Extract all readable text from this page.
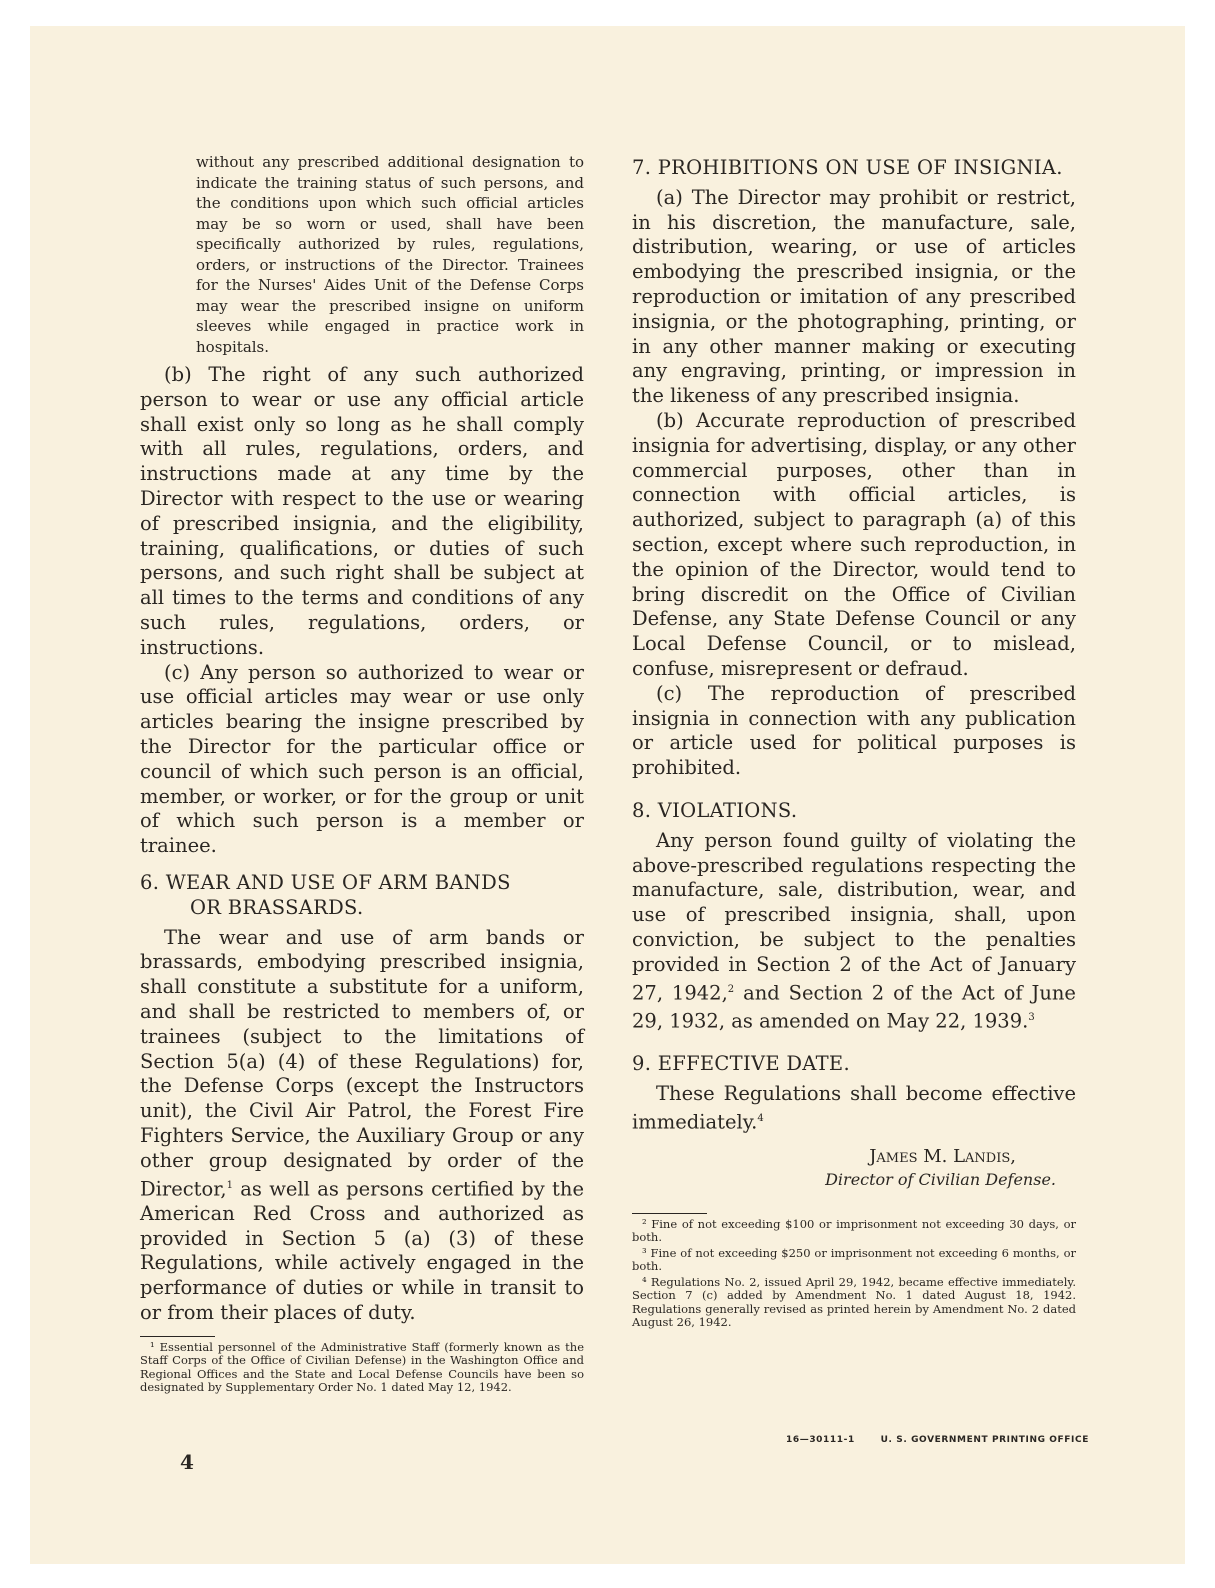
without any prescribed additional designation to indicate the training status of such persons, and the conditions upon which such official articles may be so worn or used, shall have been specifically authorized by rules, regulations, orders, or instructions of the Director. Trainees for the Nurses' Aides Unit of the Defense Corps may wear the prescribed insigne on uniform sleeves while engaged in practice work in hospitals.

(b) The right of any such authorized person to wear or use any official article shall exist only so long as he shall comply with all rules, regulations, orders, and instructions made at any time by the Director with respect to the use or wearing of prescribed insignia, and the eligibility, training, qualifications, or duties of such persons, and such right shall be subject at all times to the terms and conditions of any such rules, regulations, orders, or instructions.

(c) Any person so authorized to wear or use official articles may wear or use only articles bearing the insigne prescribed by the Director for the particular office or council of which such person is an official, member, or worker, or for the group or unit of which such person is a member or trainee.

6. WEAR AND USE OF ARM BANDS
OR BRASSARDS.

The wear and use of arm bands or brassards, embodying prescribed insignia, shall constitute a substitute for a uniform, and shall be restricted to members of, or trainees (subject to the limitations of Section 5(a) (4) of these Regulations) for, the Defense Corps (except the Instructors unit), the Civil Air Patrol, the Forest Fire Fighters Service, the Auxiliary Group or any other group designated by order of the Director,$^1$ as well as persons certified by the American Red Cross and authorized as provided in Section 5 (a) (3) of these Regulations, while actively engaged in the performance of duties or while in transit to or from their places of duty.

¹ Essential personnel of the Administrative Staff (formerly known as the Staff Corps of the Office of Civilian Defense) in the Washington Office and Regional Offices and the State and Local Defense Councils have been so designated by Supplementary Order No. 1 dated May 12, 1942.

7. PROHIBITIONS ON USE OF INSIGNIA.

(a) The Director may prohibit or restrict, in his discretion, the manufacture, sale, distribution, wearing, or use of articles embodying the prescribed insignia, or the reproduction or imitation of any prescribed insignia, or the photographing, printing, or in any other manner making or executing any engraving, printing, or impression in the likeness of any prescribed insignia.

(b) Accurate reproduction of prescribed insignia for advertising, display, or any other commercial purposes, other than in connection with official articles, is authorized, subject to paragraph (a) of this section, except where such reproduction, in the opinion of the Director, would tend to bring discredit on the Office of Civilian Defense, any State Defense Council or any Local Defense Council, or to mislead, confuse, misrepresent or defraud.

(c) The reproduction of prescribed insignia in connection with any publication or article used for political purposes is prohibited.

8. VIOLATIONS.

Any person found guilty of violating the above-prescribed regulations respecting the manufacture, sale, distribution, wear, and use of prescribed insignia, shall, upon conviction, be subject to the penalties provided in Section 2 of the Act of January 27, 1942,$^2$ and Section 2 of the Act of June 29, 1932, as amended on May 22, 1939.$^3$

9. EFFECTIVE DATE.

These Regulations shall become effective immediately.$^4$

James M. Landis,
Director of Civilian Defense.

² Fine of not exceeding $100 or imprisonment not exceeding 30 days, or both.

³ Fine of not exceeding $250 or imprisonment not exceeding 6 months, or both.

⁴ Regulations No. 2, issued April 29, 1942, became effective immediately. Section 7 (c) added by Amendment No. 1 dated August 18, 1942. Regulations generally revised as printed herein by Amendment No. 2 dated August 26, 1942.

4
16—30111-1	U. S. GOVERNMENT PRINTING OFFICE
